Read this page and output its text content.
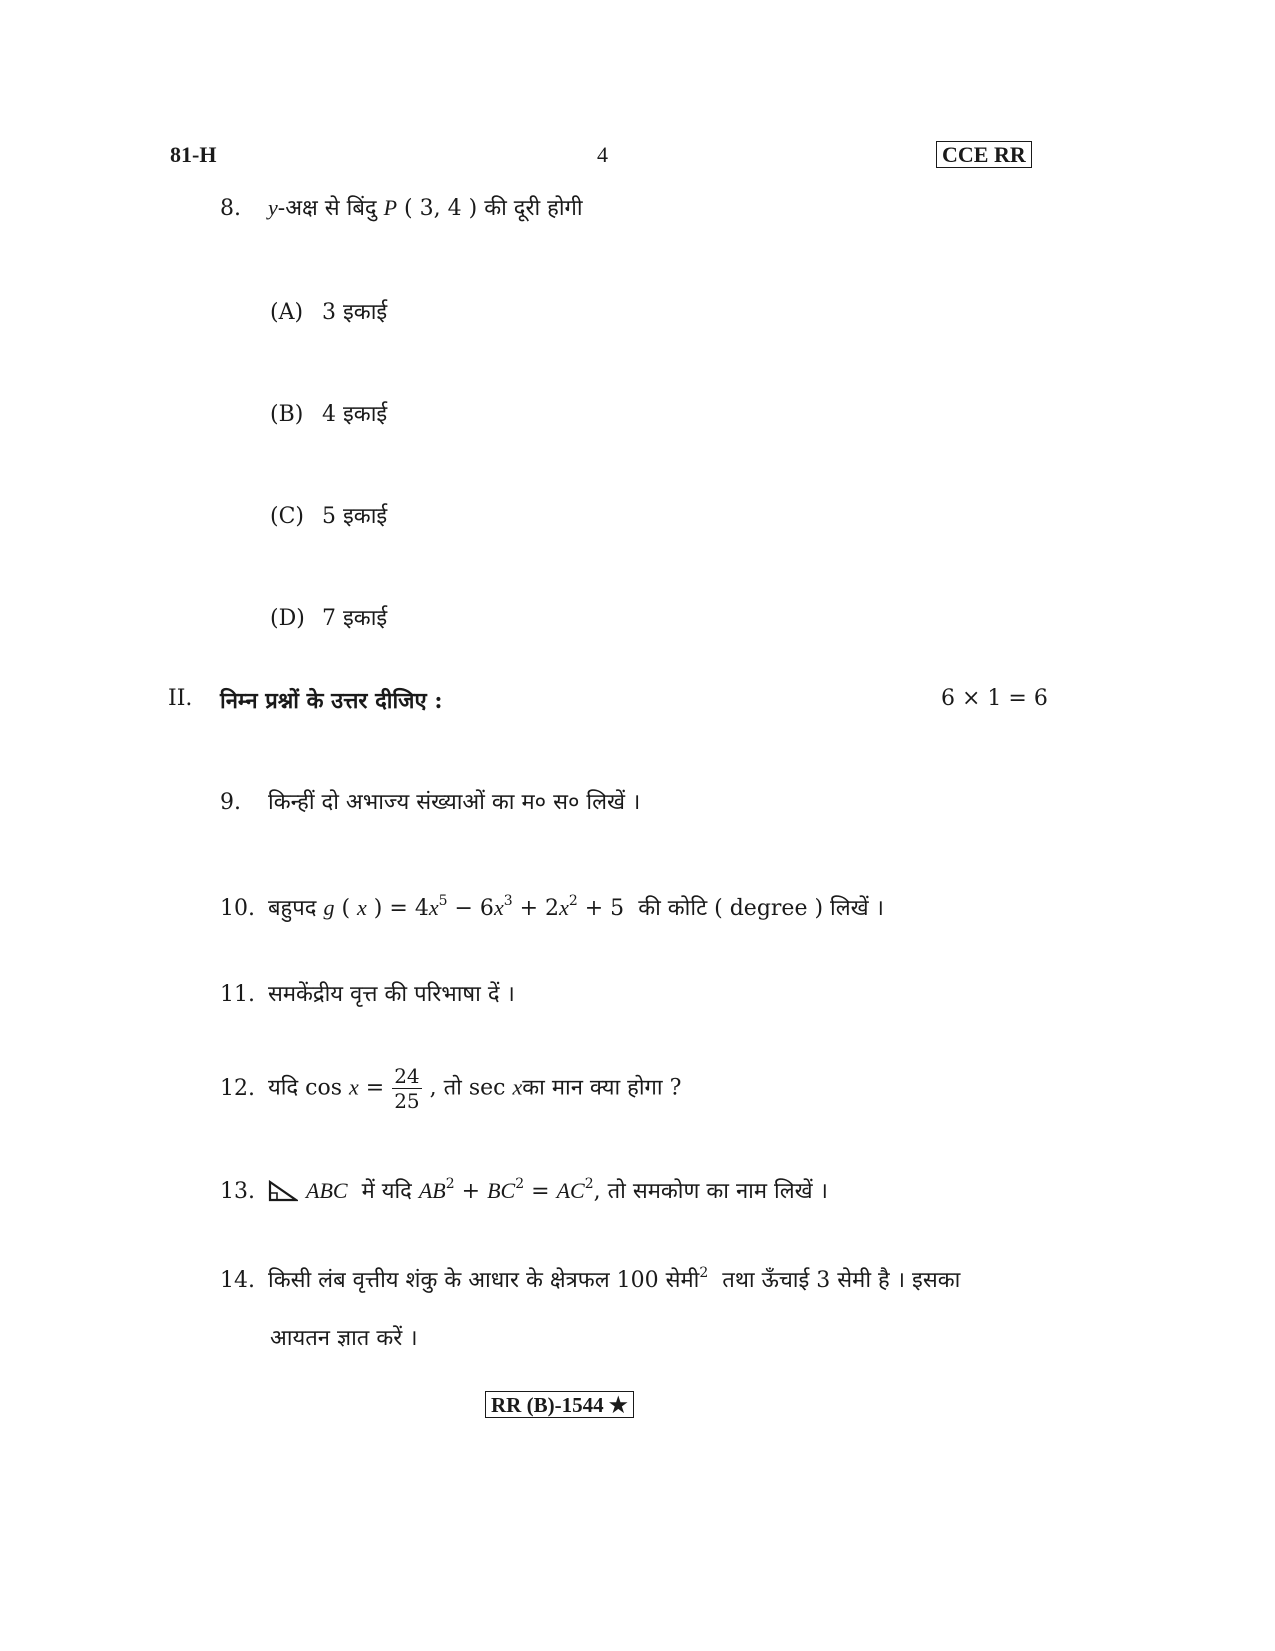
81-H	4	CCE RR
8. y-अक्ष से बिंदु P ( 3, 4 ) की दूरी होगी
(A) 3 इकाई
(B) 4 इकाई
(C) 5 इकाई
(D) 7 इकाई
II. निम्न प्रश्नों के उत्तर दीजिए :	6 × 1 = 6
9. किन्हीं दो अभाज्य संख्याओं का म० स० लिखें ।
10. बहुपद g ( x ) = $4x^5 - 6x^3 + 2x^2 + 5$ की कोटि ( degree ) लिखें ।
11. समकेंद्रीय वृत्त की परिभाषा दें ।
12. यदि $\cos x = \frac{24}{25}$ , तो sec xका मान क्या होगा ?
13. ABC में यदि $AB^2 + BC^2 = AC^2$, तो समकोण का नाम लिखें ।
14. किसी लंब वृत्तीय शंकु के आधार के क्षेत्रफल 100 सेमी$^2$ तथा ऊँचाई 3 सेमी है । इसका
आयतन ज्ञात करें ।
RR (B)-1544 ★
